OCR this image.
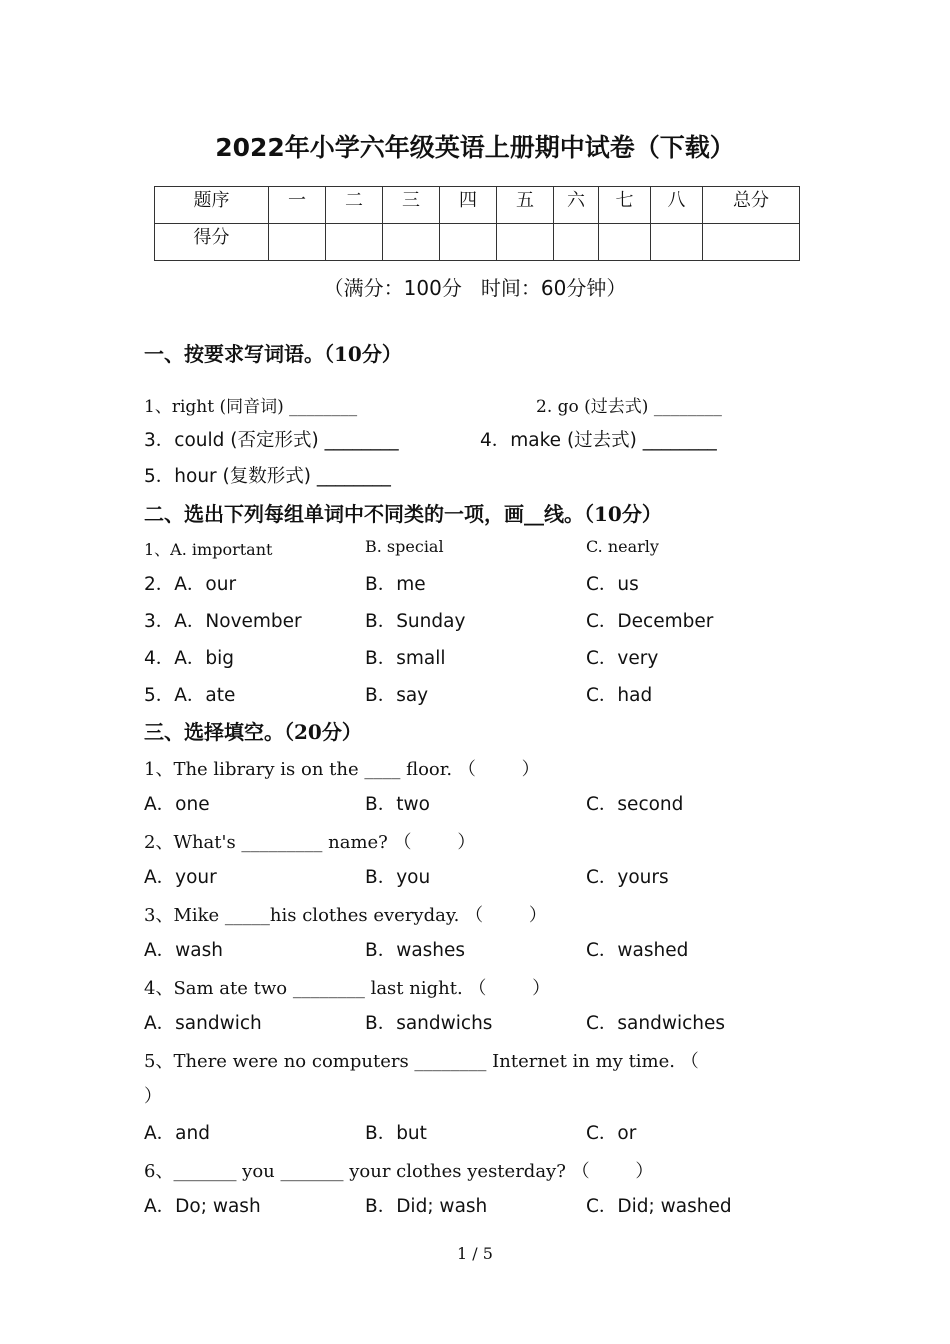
2022年小学六年级英语上册期中试卷（下载）
题序	一	二	三	四	五	六	七	八	总分
得分									
（满分：100分   时间：60分钟）
一、按要求写词语。（10分）
1、right (同音词) ________	2. go (过去式) ________
3．could (否定形式) ________	4．make (过去式) ________
5．hour (复数形式) ________
二、选出下列每组单词中不同类的一项，画__线。（10分）
1、A. important	B. special	C. nearly
2．A．our	B．me	C．us
3．A．November	B．Sunday	C．December
4．A．big	B．small	C．very
5．A．ate	B．say	C．had
三、选择填空。（20分）
1、The library is on the ____ floor. （        ）
A．one	B．two	C．second
2、What's _________ name? （        ）
A．your	B．you	C．yours
3、Mike _____his clothes everyday. （        ）
A．wash	B．washes	C．washed
4、Sam ate two ________ last night. （        ）
A．sandwich	B．sandwichs	C．sandwiches
5、There were no computers ________ Internet in my time. （
）
A．and	B．but	C．or
6、_______ you _______ your clothes yesterday? （        ）
A．Do; wash	B．Did; wash	C．Did; washed
1 / 5
